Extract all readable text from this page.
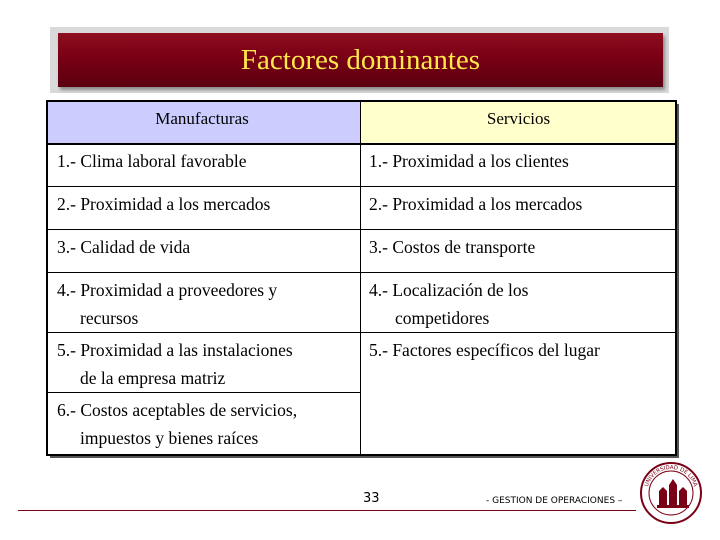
Factores dominantes
Manufacturas	Servicios
1.- Clima laboral favorable
2.- Proximidad a los mercados
3.- Calidad de vida
4.- Proximidad a proveedores y
recursos
5.- Proximidad a las instalaciones
de la empresa matriz
6.- Costos aceptables de servicios,
impuestos y bienes raíces
1.- Proximidad a los clientes
2.- Proximidad a los mercados
3.- Costos de transporte
4.- Localización de los
competidores
5.- Factores específicos del lugar
33	- GESTION DE OPERACIONES –
UNIVERSIDAD DE LIMA
